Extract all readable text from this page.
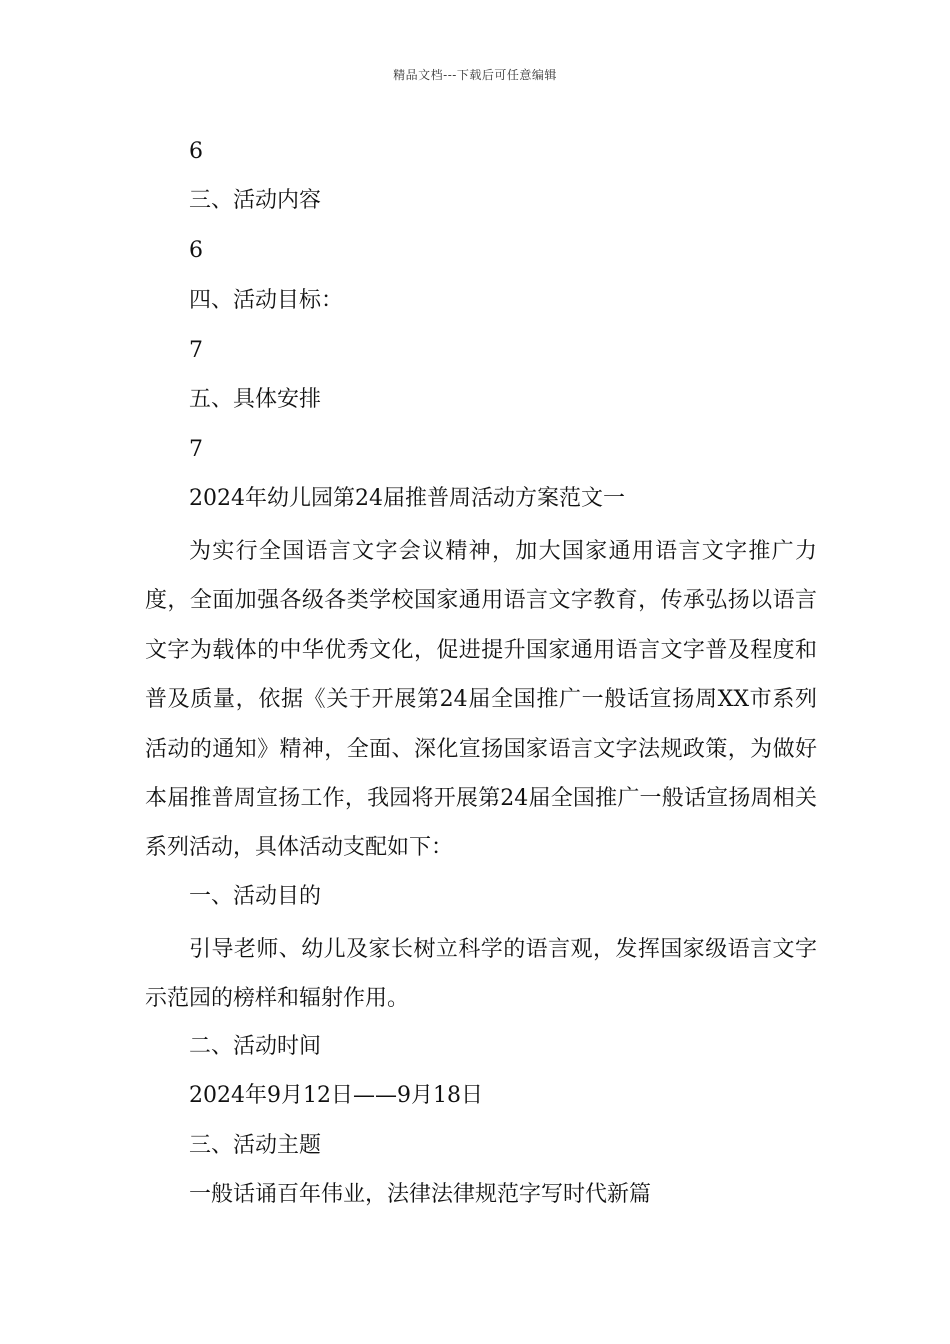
精品文档---下载后可任意编辑
6
三、活动内容
6
四、活动目标：
7
五、具体安排
7
2024年幼儿园第24届推普周活动方案范文一
为实行全国语言文字会议精神，加大国家通用语言文字推广力度，全面加强各级各类学校国家通用语言文字教育，传承弘扬以语言文字为载体的中华优秀文化，促进提升国家通用语言文字普及程度和普及质量，依据《关于开展第24届全国推广一般话宣扬周XX市系列活动的通知》精神，全面、深化宣扬国家语言文字法规政策，为做好本届推普周宣扬工作，我园将开展第24届全国推广一般话宣扬周相关系列活动，具体活动支配如下：
一、活动目的
引导老师、幼儿及家长树立科学的语言观，发挥国家级语言文字示范园的榜样和辐射作用。
二、活动时间
2024年9月12日——9月18日
三、活动主题
一般话诵百年伟业，法律法律规范字写时代新篇
